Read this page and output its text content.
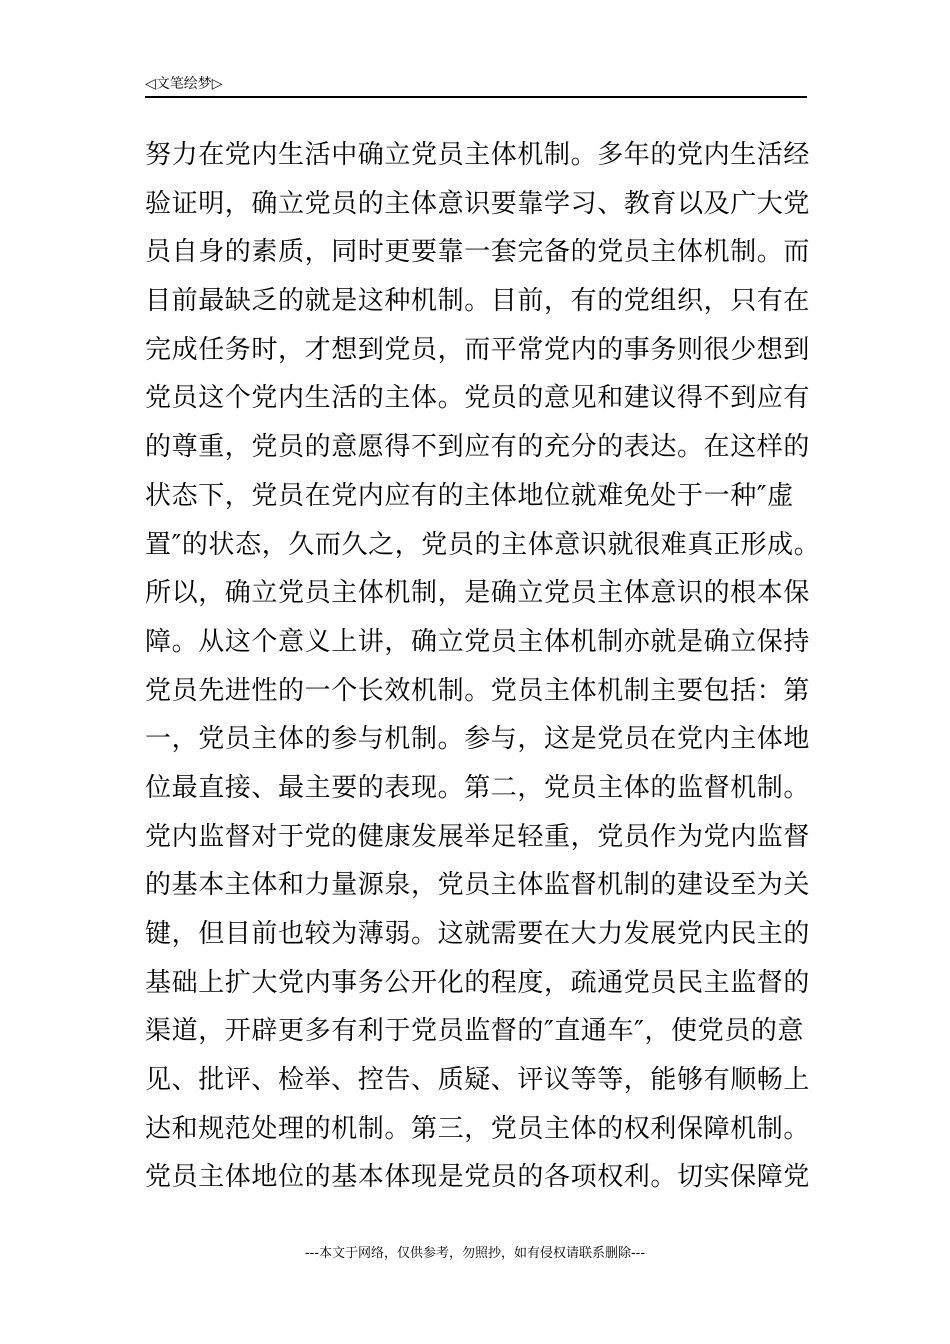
◁文笔绘梦▷
努力在党内生活中确立党员主体机制。多年的党内生活经
验证明，确立党员的主体意识要靠学习、教育以及广大党
员自身的素质，同时更要靠一套完备的党员主体机制。而
目前最缺乏的就是这种机制。目前，有的党组织，只有在
完成任务时，才想到党员，而平常党内的事务则很少想到
党员这个党内生活的主体。党员的意见和建议得不到应有
的尊重，党员的意愿得不到应有的充分的表达。在这样的
状态下，党员在党内应有的主体地位就难免处于一种″虚
置″的状态，久而久之，党员的主体意识就很难真正形成。
所以，确立党员主体机制，是确立党员主体意识的根本保
障。从这个意义上讲，确立党员主体机制亦就是确立保持
党员先进性的一个长效机制。党员主体机制主要包括：第
一，党员主体的参与机制。参与，这是党员在党内主体地
位最直接、最主要的表现。第二，党员主体的监督机制。
党内监督对于党的健康发展举足轻重，党员作为党内监督
的基本主体和力量源泉，党员主体监督机制的建设至为关
键，但目前也较为薄弱。这就需要在大力发展党内民主的
基础上扩大党内事务公开化的程度，疏通党员民主监督的
渠道，开辟更多有利于党员监督的″直通车″，使党员的意
见、批评、检举、控告、质疑、评议等等，能够有顺畅上
达和规范处理的机制。第三，党员主体的权利保障机制。
党员主体地位的基本体现是党员的各项权利。切实保障党
---本文于网络，仅供参考，勿照抄，如有侵权请联系删除---
